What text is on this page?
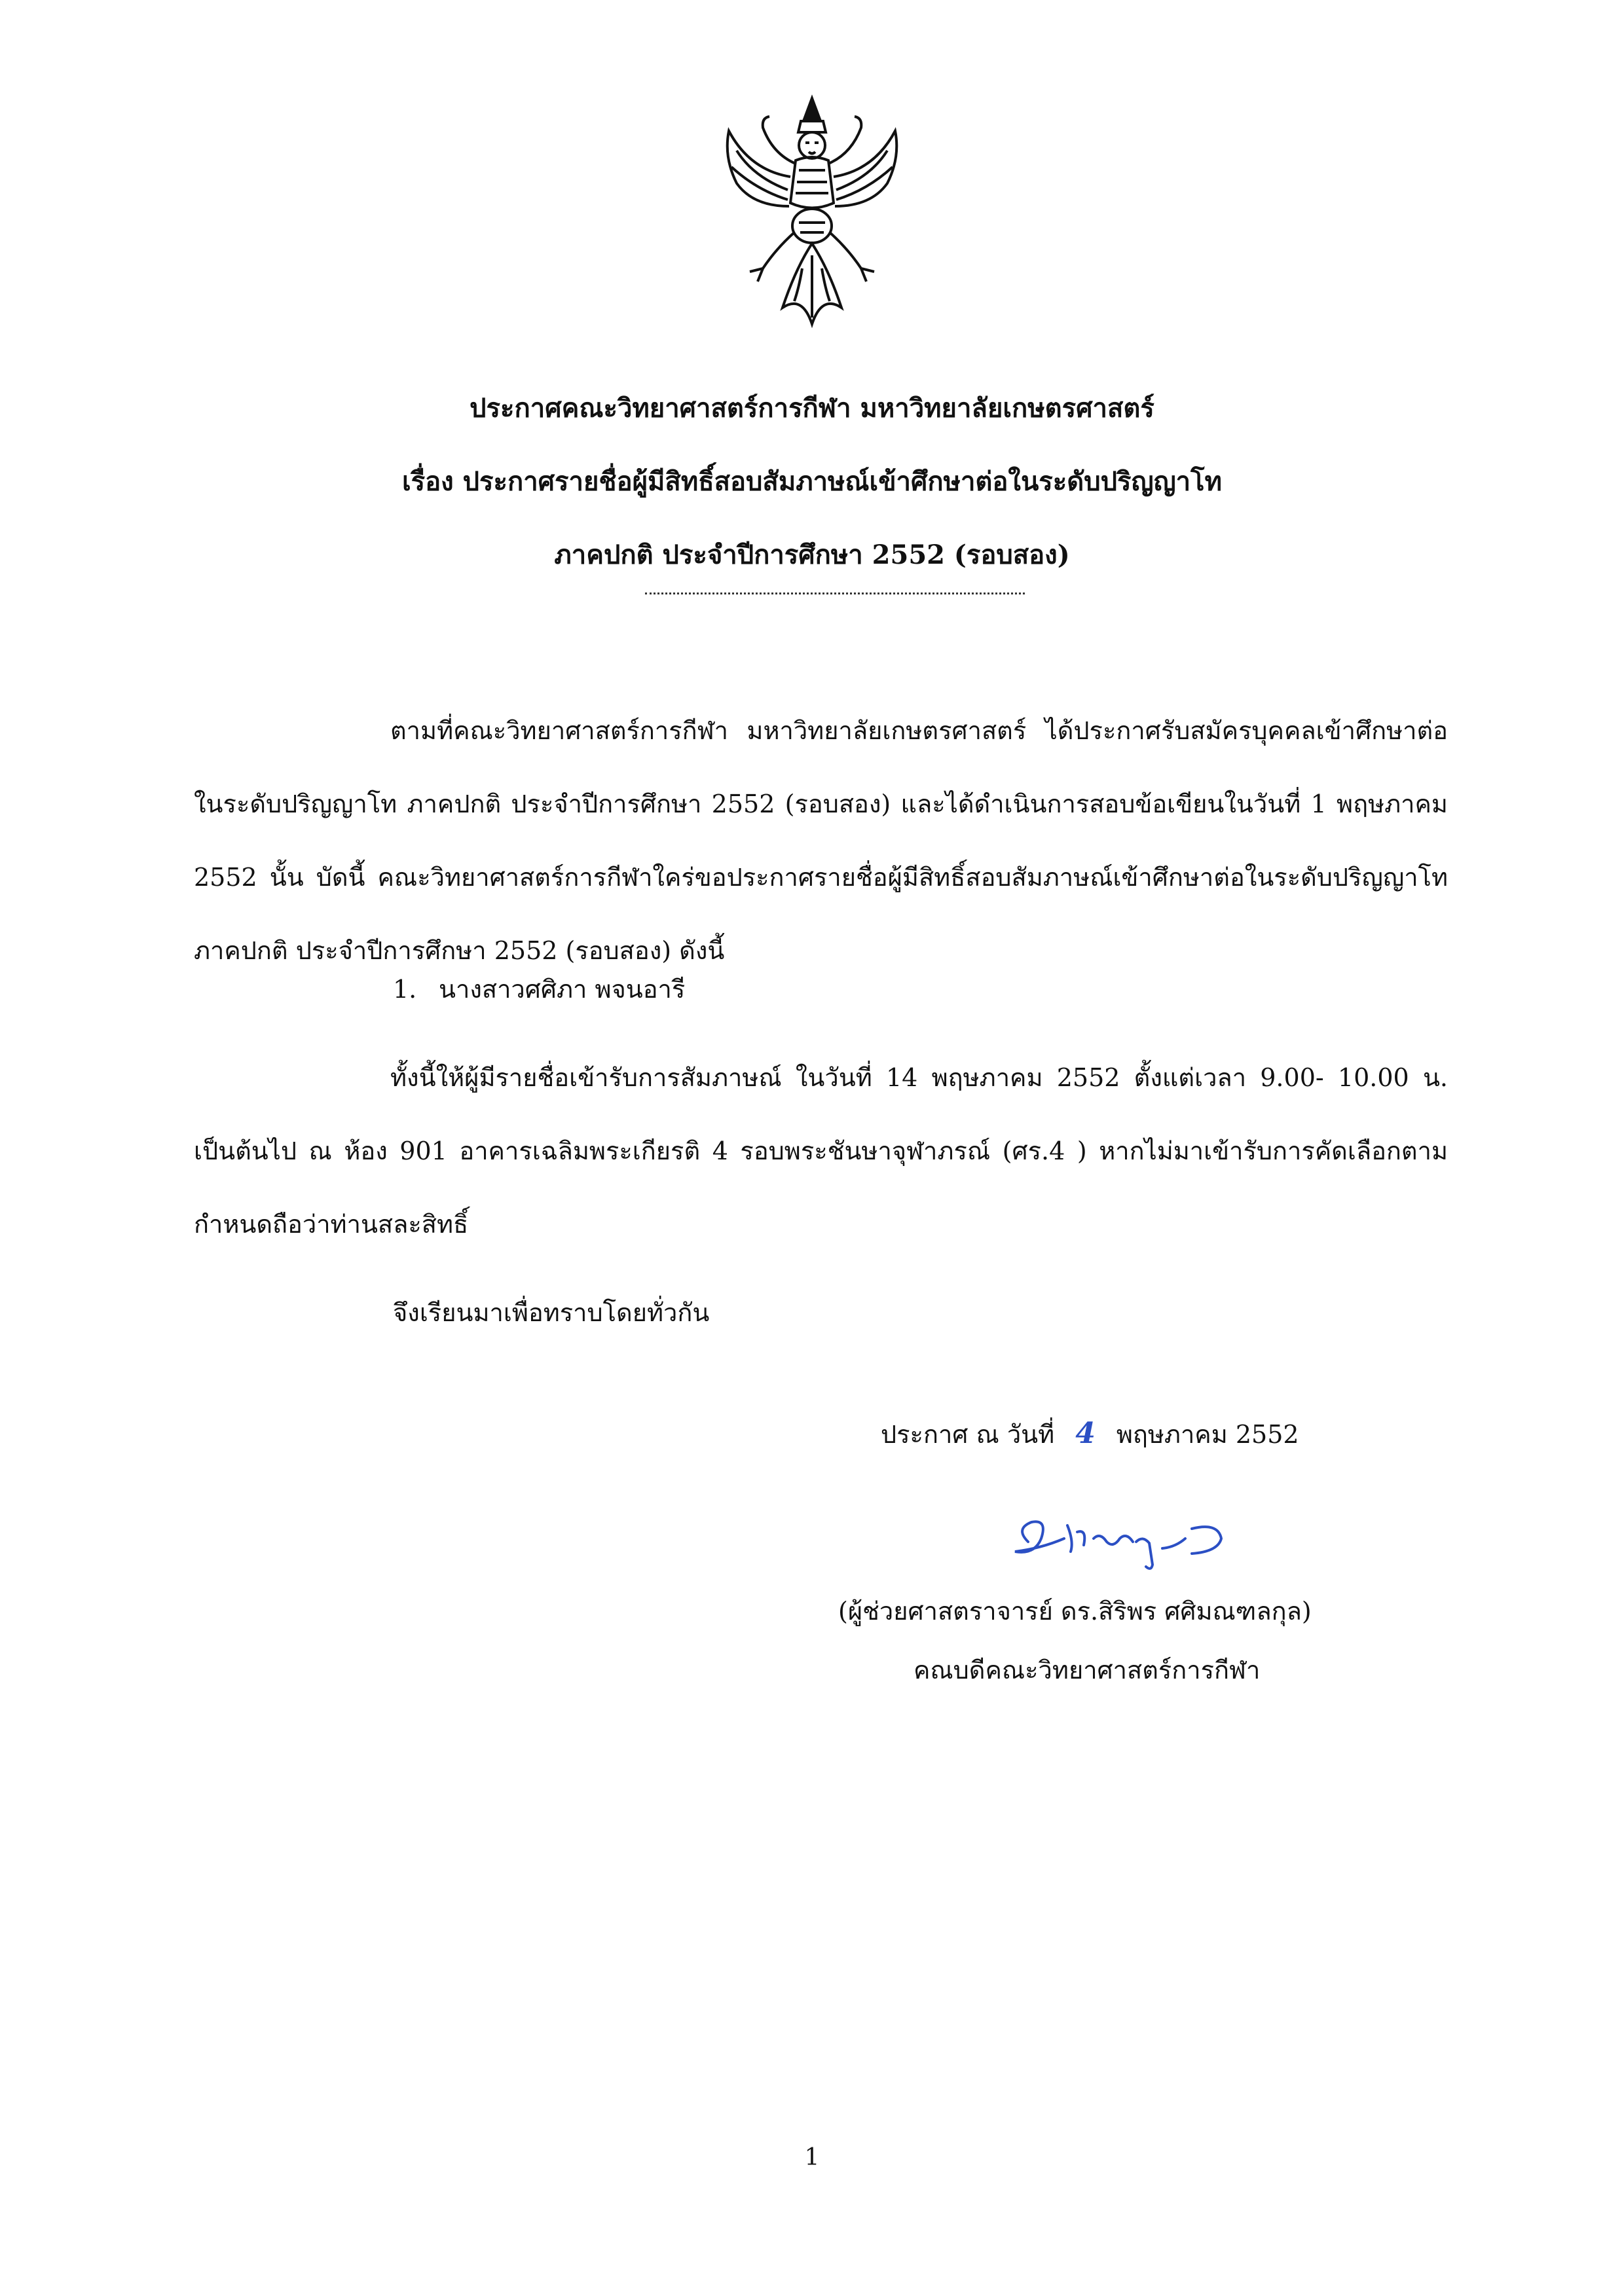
ประกาศคณะวิทยาศาสตร์การกีฬา มหาวิทยาลัยเกษตรศาสตร์
เรื่อง ประกาศรายชื่อผู้มีสิทธิ์สอบสัมภาษณ์เข้าศึกษาต่อในระดับปริญญาโท
ภาคปกติ ประจำปีการศึกษา 2552 (รอบสอง)

ตามที่คณะวิทยาศาสตร์การกีฬา มหาวิทยาลัยเกษตรศาสตร์ ได้ประกาศรับสมัครบุคคลเข้าศึกษาต่อในระดับปริญญาโท ภาคปกติ ประจำปีการศึกษา 2552 (รอบสอง) และได้ดำเนินการสอบข้อเขียนในวันที่ 1 พฤษภาคม 2552 นั้น บัดนี้ คณะวิทยาศาสตร์การกีฬาใคร่ขอประกาศรายชื่อผู้มีสิทธิ์สอบสัมภาษณ์เข้าศึกษาต่อในระดับปริญญาโท ภาคปกติ ประจำปีการศึกษา 2552 (รอบสอง) ดังนี้

1. นางสาวศศิภา พจนอารี

ทั้งนี้ให้ผู้มีรายชื่อเข้ารับการสัมภาษณ์ ในวันที่ 14 พฤษภาคม 2552 ตั้งแต่เวลา 9.00- 10.00 น. เป็นต้นไป ณ ห้อง 901 อาคารเฉลิมพระเกียรติ 4 รอบพระชันษาจุฬาภรณ์ (ศร.4 ) หากไม่มาเข้ารับการคัดเลือกตามกำหนดถือว่าท่านสละสิทธิ์

จึงเรียนมาเพื่อทราบโดยทั่วกัน
ประกาศ ณ วันที่ 4 พฤษภาคม 2552
(ผู้ช่วยศาสตราจารย์ ดร.สิริพร ศศิมณฑลกุล)
คณบดีคณะวิทยาศาสตร์การกีฬา
1
